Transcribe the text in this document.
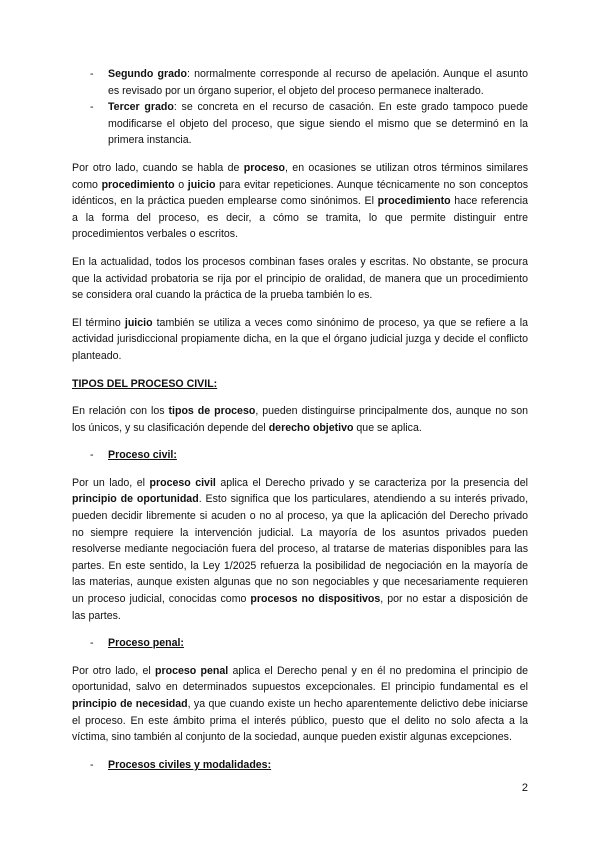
- Segundo grado: normalmente corresponde al recurso de apelación. Aunque el asunto es revisado por un órgano superior, el objeto del proceso permanece inalterado.

- Tercer grado: se concreta en el recurso de casación. En este grado tampoco puede modificarse el objeto del proceso, que sigue siendo el mismo que se determinó en la primera instancia.

Por otro lado, cuando se habla de proceso, en ocasiones se utilizan otros términos similares como procedimiento o juicio para evitar repeticiones. Aunque técnicamente no son conceptos idénticos, en la práctica pueden emplearse como sinónimos. El procedimiento hace referencia a la forma del proceso, es decir, a cómo se tramita, lo que permite distinguir entre procedimientos verbales o escritos.

En la actualidad, todos los procesos combinan fases orales y escritas. No obstante, se procura que la actividad probatoria se rija por el principio de oralidad, de manera que un procedimiento se considera oral cuando la práctica de la prueba también lo es.

El término juicio también se utiliza a veces como sinónimo de proceso, ya que se refiere a la actividad jurisdiccional propiamente dicha, en la que el órgano judicial juzga y decide el conflicto planteado.

TIPOS DEL PROCESO CIVIL:

En relación con los tipos de proceso, pueden distinguirse principalmente dos, aunque no son los únicos, y su clasificación depende del derecho objetivo que se aplica.

- Proceso civil:

Por un lado, el proceso civil aplica el Derecho privado y se caracteriza por la presencia del principio de oportunidad. Esto significa que los particulares, atendiendo a su interés privado, pueden decidir libremente si acuden o no al proceso, ya que la aplicación del Derecho privado no siempre requiere la intervención judicial. La mayoría de los asuntos privados pueden resolverse mediante negociación fuera del proceso, al tratarse de materias disponibles para las partes. En este sentido, la Ley 1/2025 refuerza la posibilidad de negociación en la mayoría de las materias, aunque existen algunas que no son negociables y que necesariamente requieren un proceso judicial, conocidas como procesos no dispositivos, por no estar a disposición de las partes.

- Proceso penal:

Por otro lado, el proceso penal aplica el Derecho penal y en él no predomina el principio de oportunidad, salvo en determinados supuestos excepcionales. El principio fundamental es el principio de necesidad, ya que cuando existe un hecho aparentemente delictivo debe iniciarse el proceso. En este ámbito prima el interés público, puesto que el delito no solo afecta a la víctima, sino también al conjunto de la sociedad, aunque pueden existir algunas excepciones.

- Procesos civiles y modalidades:

2
